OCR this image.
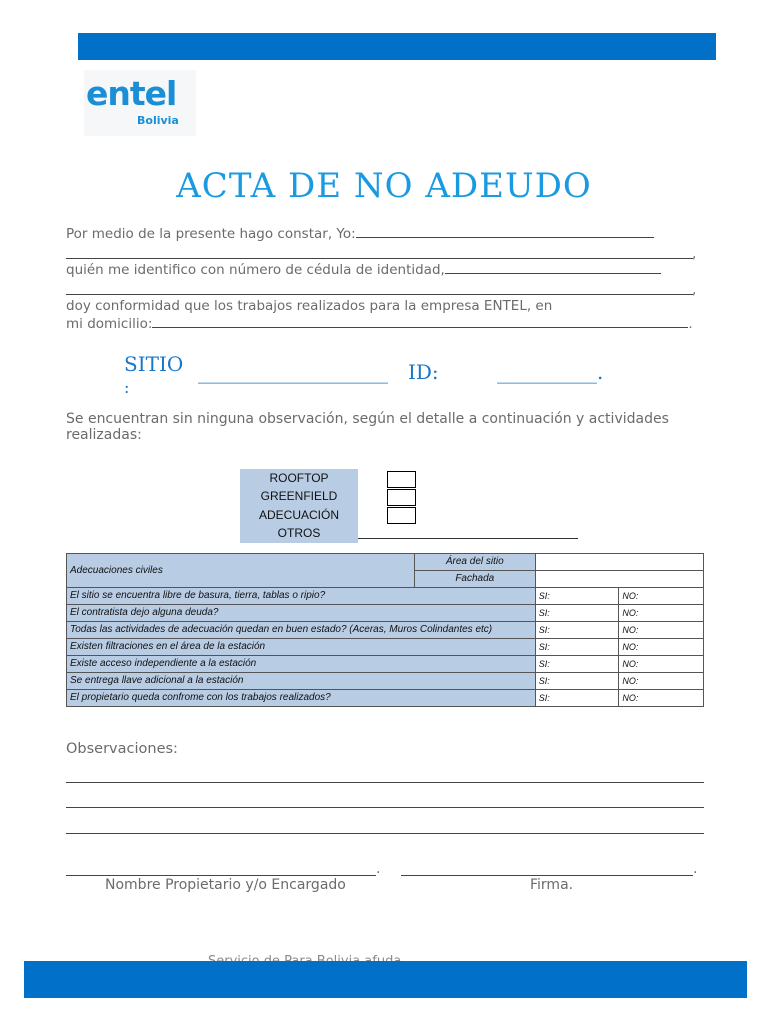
entel
Bolivia
ACTA DE NO ADEUDO
Por medio de la presente hago constar, Yo:
,
quién me identifico con número de cédula de identidad,
,
doy conformidad que los trabajos realizados para la empresa ENTEL, en
mi domicilio:	.
SITIO
:
___________________ ID:	__________.
Se encuentran sin ninguna observación, según el detalle a continuación y actividades realizadas:
ROOFTOP
GREENFIELD
ADECUACIÓN
OTROS
Adecuaciones civiles	Área del sitio		
	Fachada		
El sitio se encuentra libre de basura, tierra, tablas o ripio?		SI:	NO:
El contratista dejo alguna deuda?		SI:	NO:
Todas las actividades de adecuación quedan en buen estado? (Aceras, Muros Colindantes etc)		SI:	NO:
Existen filtraciones en el área de la estación		SI:	NO:
Existe acceso independiente a la estación		SI:	NO:
Se entrega llave adicional a la estación		SI:	NO:
El propietario queda confrome con los trabajos realizados?		SI:	NO:
Observaciones:
.	.
Nombre Propietario y/o Encargado	Firma.
